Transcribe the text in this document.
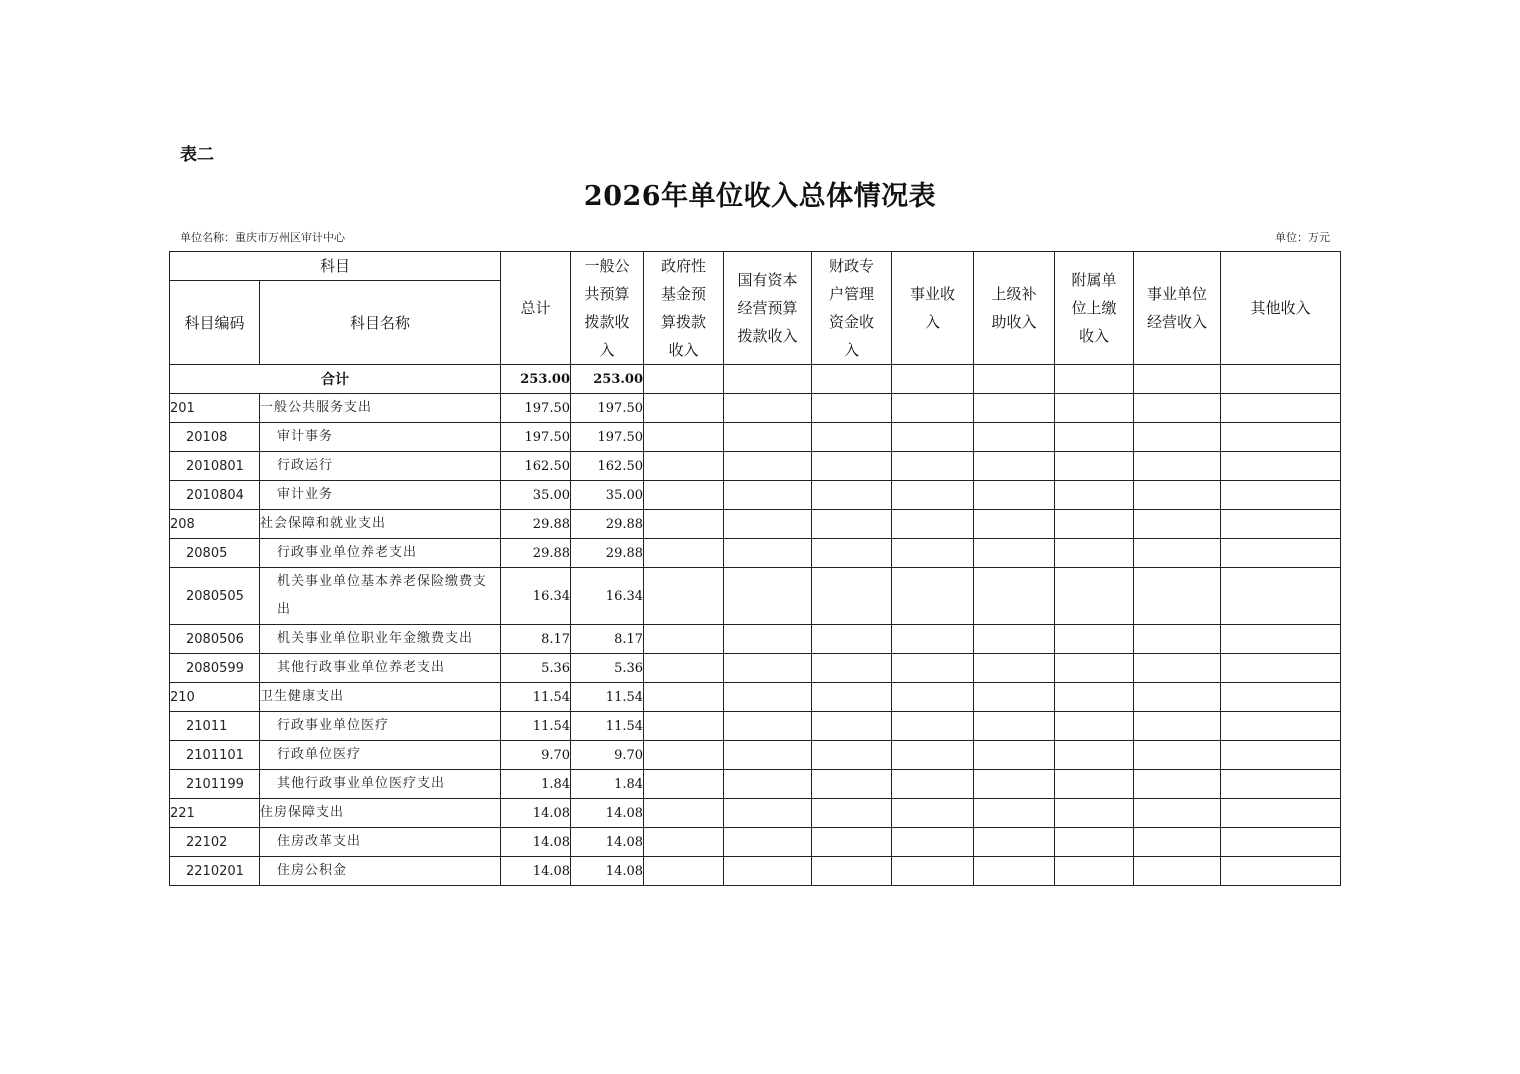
表二
2026年单位收入总体情况表
单位名称：重庆市万州区审计中心	单位：万元
科目		总计	一般公共预算拨款收入	政府性基金预算拨款收入	国有资本经营预算拨款收入	财政专户管理资金收入	事业收入	上级补助收入	附属单位上缴收入	事业单位经营收入	其他收入
科目编码	科目名称										
合计		253.00	253.00								
201	一般公共服务支出	197.50	197.50								
20108	审计事务	197.50	197.50								
2010801	行政运行	162.50	162.50								
2010804	审计业务	35.00	35.00								
208	社会保障和就业支出	29.88	29.88								
20805	行政事业单位养老支出	29.88	29.88								
2080505	机关事业单位基本养老保险缴费支出	16.34	16.34								
2080506	机关事业单位职业年金缴费支出	8.17	8.17								
2080599	其他行政事业单位养老支出	5.36	5.36								
210	卫生健康支出	11.54	11.54								
21011	行政事业单位医疗	11.54	11.54								
2101101	行政单位医疗	9.70	9.70								
2101199	其他行政事业单位医疗支出	1.84	1.84								
221	住房保障支出	14.08	14.08								
22102	住房改革支出	14.08	14.08								
2210201	住房公积金	14.08	14.08								
